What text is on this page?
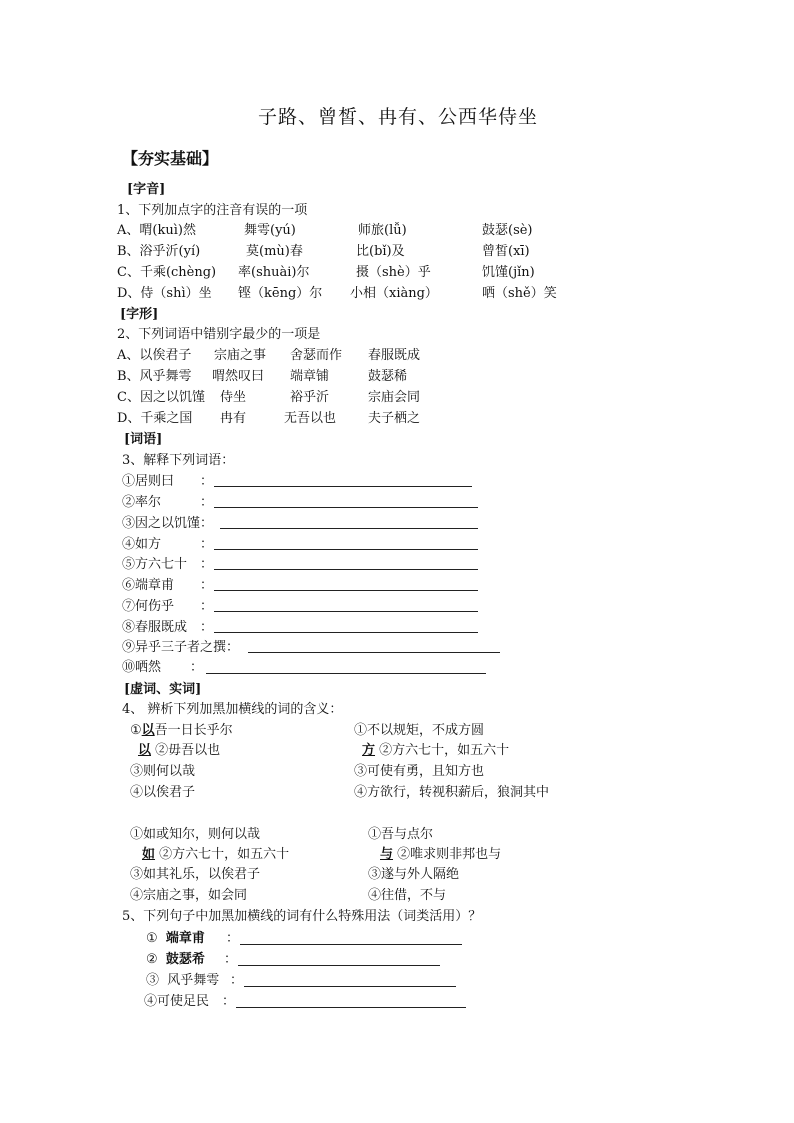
子路、曾皙、冉有、公西华侍坐
【夯实基础】
[字音]
1、下列加点字的注音有误的一项
A、喟(kuì)然	舞雩(yú)	师旅(lǚ)	鼓瑟(sè)
B、浴乎沂(yí)	莫(mù)春	比(bǐ)及	曾皙(xī)
C、千乘(chèng) 率(shuài)尔	摄（shè）乎	饥馑(jǐn)
D、侍（shì）坐 铿（kēng）尔 小相（xiàng）	哂（shě）笑
[字形]
2、下列词语中错别字最少的一项是
A、以俟君子 宗庙之事 舍瑟而作 春服既成
B、风乎舞雩 喟然叹曰 端章铺	鼓瑟稀
C、因之以饥馑 侍坐	裕乎沂	宗庙会同
D、千乘之国 冉有	无吾以也 夫子栖之
[词语]
3、解释下列词语：
①居则曰 ：
②率尔	：
③因之以饥馑：
④如方	：
⑤方六七十 ：
⑥端章甫 ：
⑦何伤乎 ：
⑧春服既成 ：
⑨异乎三子者之撰：
⑩哂然 ：
[虚词、实词]
4、 辨析下列加黑加横线的词的含义：
①以吾一日长乎尔
以 ②毋吾以也
③则何以哉
④以俟君子
①不以规矩，不成方圆
方 ②方六七十，如五六十
③可使有勇，且知方也
④方欲行，转视积薪后，狼洞其中
①如或知尔，则何以哉
如 ②方六七十，如五六十
③如其礼乐，以俟君子
④宗庙之事，如会同
①吾与点尔
与 ②唯求则非邦也与
③遂与外人隔绝
④往借，不与
5、下列句子中加黑加横线的词有什么特殊用法（词类活用）？
①  端章甫 ：
②  鼓瑟希 ：
③  风乎舞雩 ：
④可使足民 ：
